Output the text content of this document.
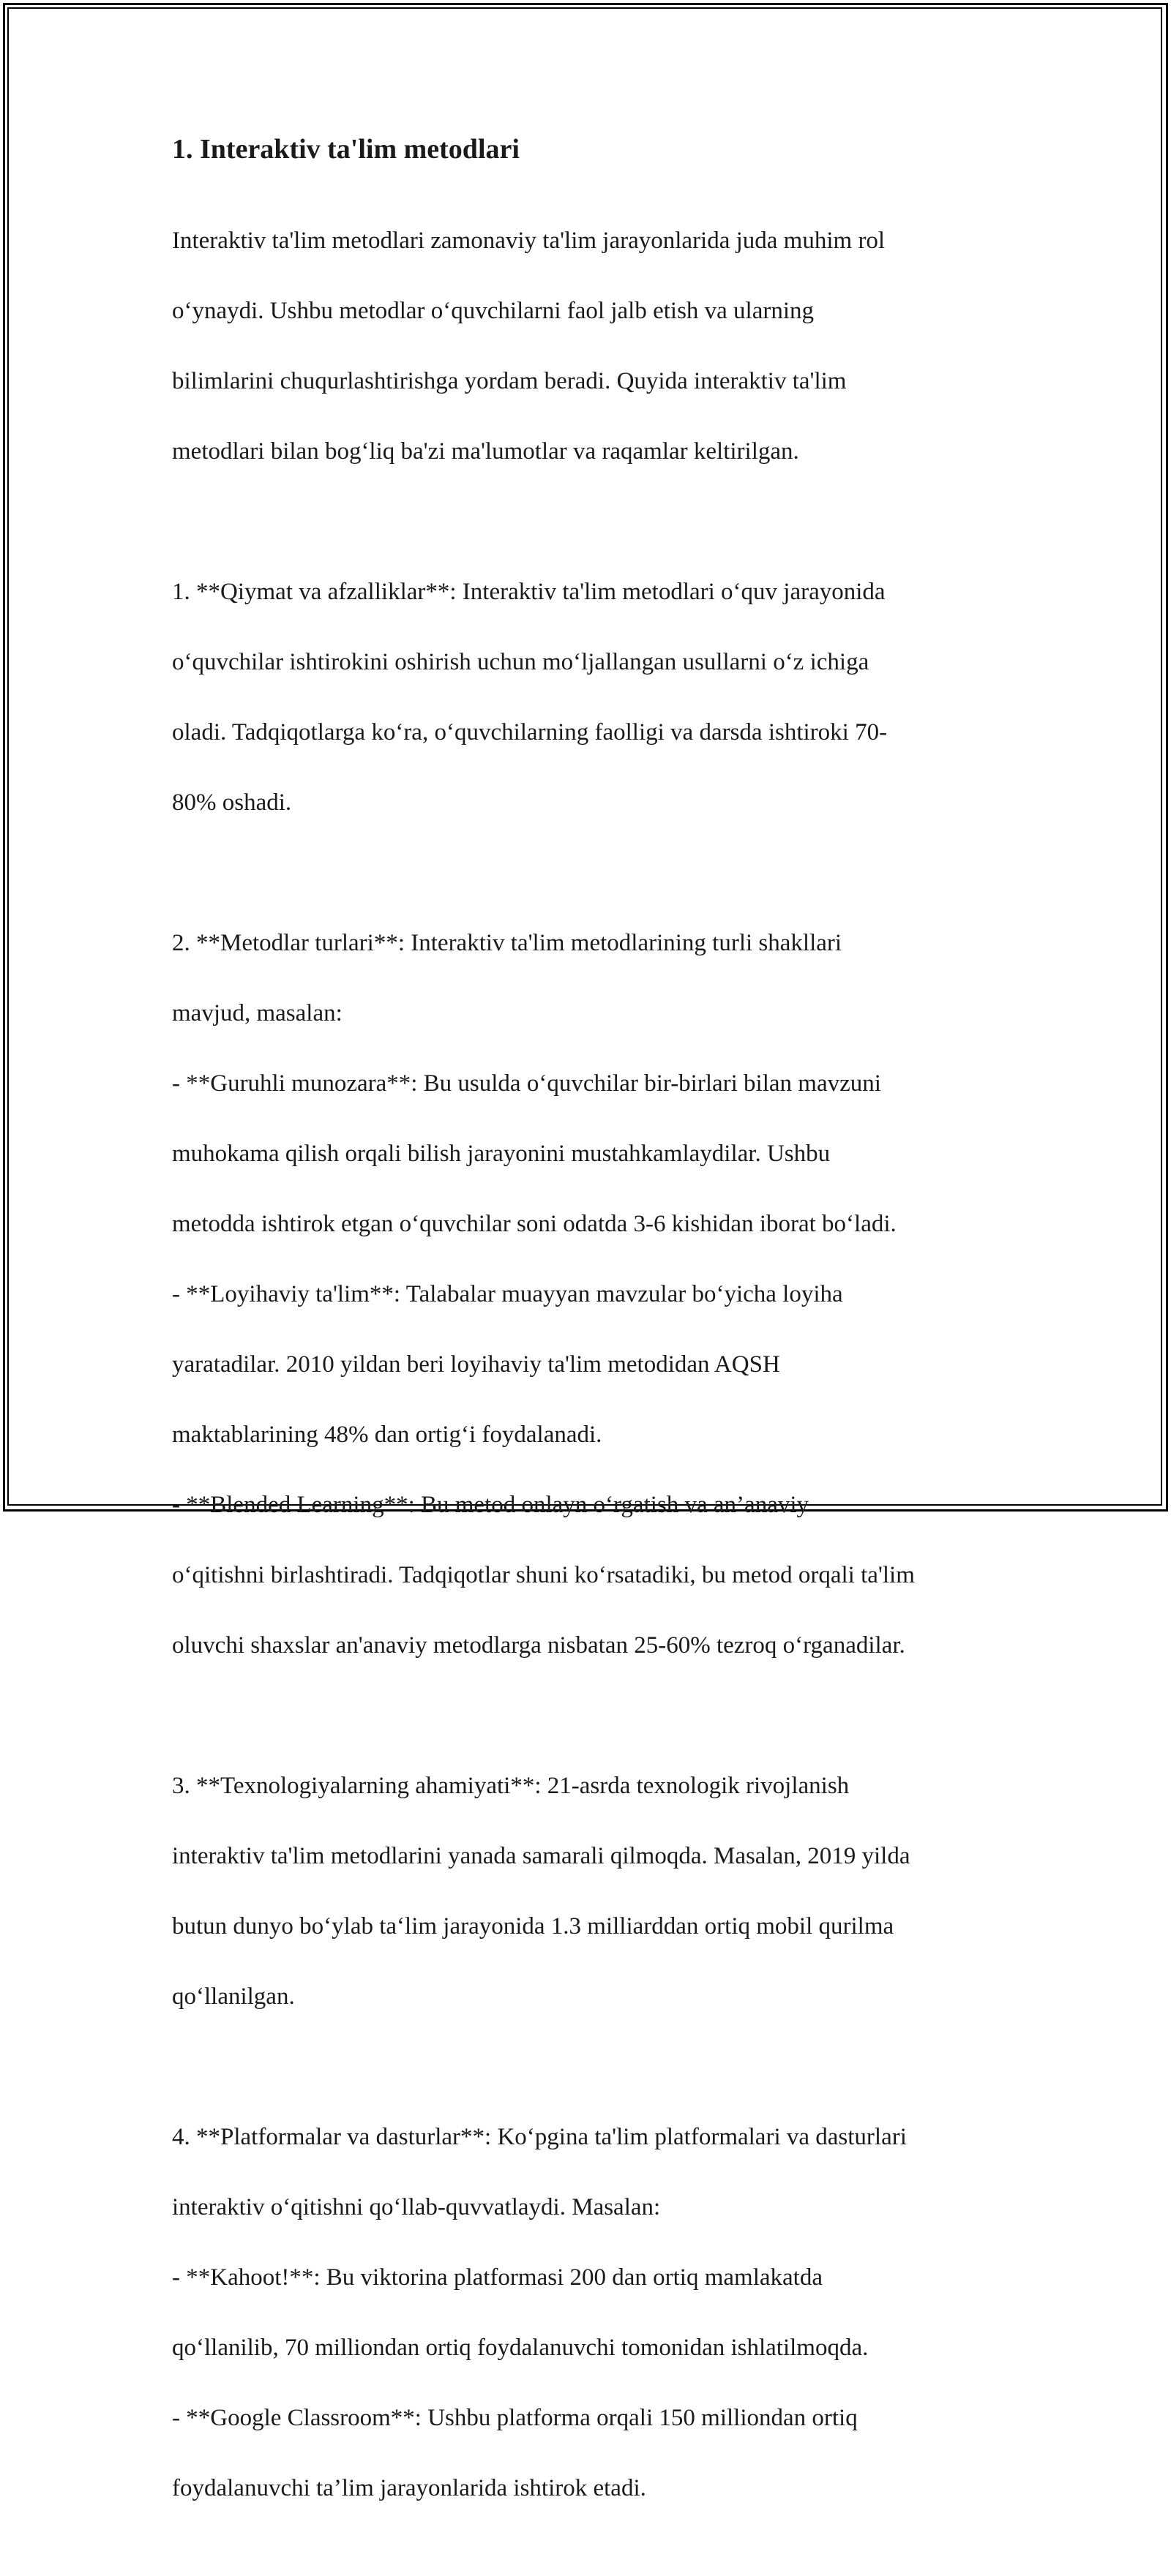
1. Interaktiv ta'lim metodlari

Interaktiv ta'lim metodlari zamonaviy ta'lim jarayonlarida juda muhim rol

o‘ynaydi. Ushbu metodlar o‘quvchilarni faol jalb etish va ularning

bilimlarini chuqurlashtirishga yordam beradi. Quyida interaktiv ta'lim

metodlari bilan bog‘liq ba'zi ma'lumotlar va raqamlar keltirilgan.

1. **Qiymat va afzalliklar**: Interaktiv ta'lim metodlari o‘quv jarayonida

o‘quvchilar ishtirokini oshirish uchun mo‘ljallangan usullarni o‘z ichiga

oladi. Tadqiqotlarga ko‘ra, o‘quvchilarning faolligi va darsda ishtiroki 70-

80% oshadi.

2. **Metodlar turlari**: Interaktiv ta'lim metodlarining turli shakllari

mavjud, masalan:

- **Guruhli munozara**: Bu usulda o‘quvchilar bir-birlari bilan mavzuni

muhokama qilish orqali bilish jarayonini mustahkamlaydilar. Ushbu

metodda ishtirok etgan o‘quvchilar soni odatda 3-6 kishidan iborat bo‘ladi.

- **Loyihaviy ta'lim**: Talabalar muayyan mavzular bo‘yicha loyiha

yaratadilar. 2010 yildan beri loyihaviy ta'lim metodidan AQSH

maktablarining 48% dan ortig‘i foydalanadi.

- **Blended Learning**: Bu metod onlayn o‘rgatish va an’anaviy

o‘qitishni birlashtiradi. Tadqiqotlar shuni ko‘rsatadiki, bu metod orqali ta'lim

oluvchi shaxslar an'anaviy metodlarga nisbatan 25-60% tezroq o‘rganadilar.

3. **Texnologiyalarning ahamiyati**: 21-asrda texnologik rivojlanish

interaktiv ta'lim metodlarini yanada samarali qilmoqda. Masalan, 2019 yilda

butun dunyo bo‘ylab ta‘lim jarayonida 1.3 milliarddan ortiq mobil qurilma

qo‘llanilgan.

4. **Platformalar va dasturlar**: Ko‘pgina ta'lim platformalari va dasturlari

interaktiv o‘qitishni qo‘llab-quvvatlaydi. Masalan:

- **Kahoot!**: Bu viktorina platformasi 200 dan ortiq mamlakatda

qo‘llanilib, 70 milliondan ortiq foydalanuvchi tomonidan ishlatilmoqda.

- **Google Classroom**: Ushbu platforma orqali 150 milliondan ortiq

foydalanuvchi ta’lim jarayonlarida ishtirok etadi.
